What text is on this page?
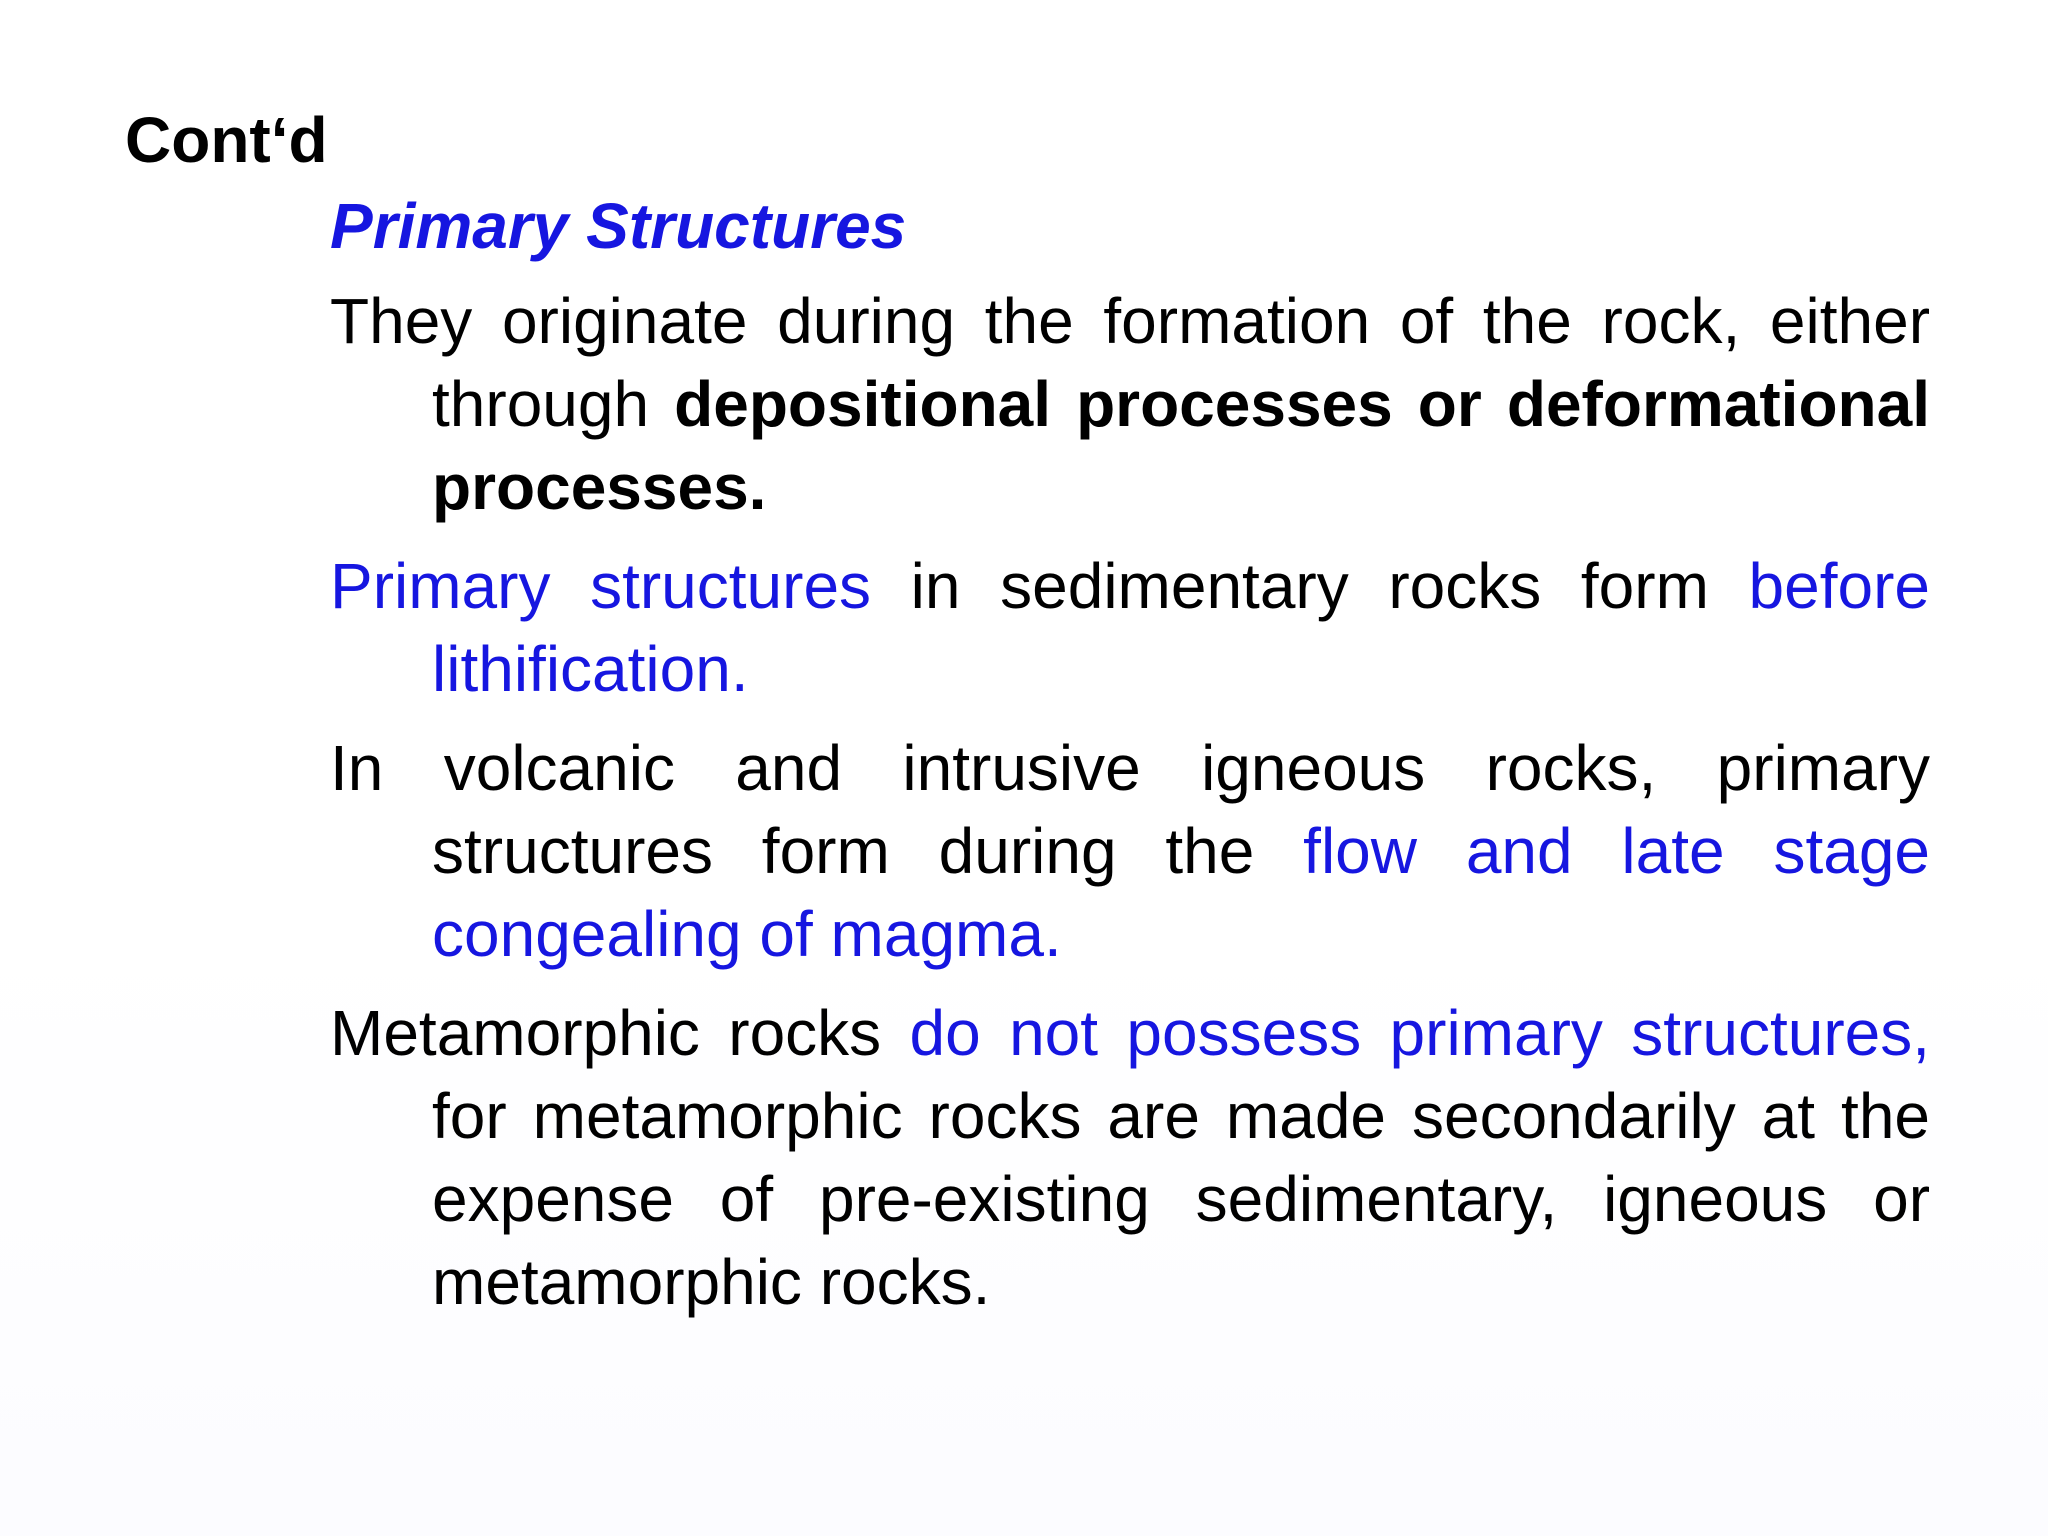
Cont‘d
Primary Structures

They originate during the formation of the rock, either through depositional processes or deformational processes.

Primary structures in sedimentary rocks form before lithification.

In volcanic and intrusive igneous rocks, primary structures form during the flow and late stage congealing of magma.

Metamorphic rocks do not possess primary structures, for metamorphic rocks are made secondarily at the expense of pre-existing sedimentary, igneous or metamorphic rocks.
